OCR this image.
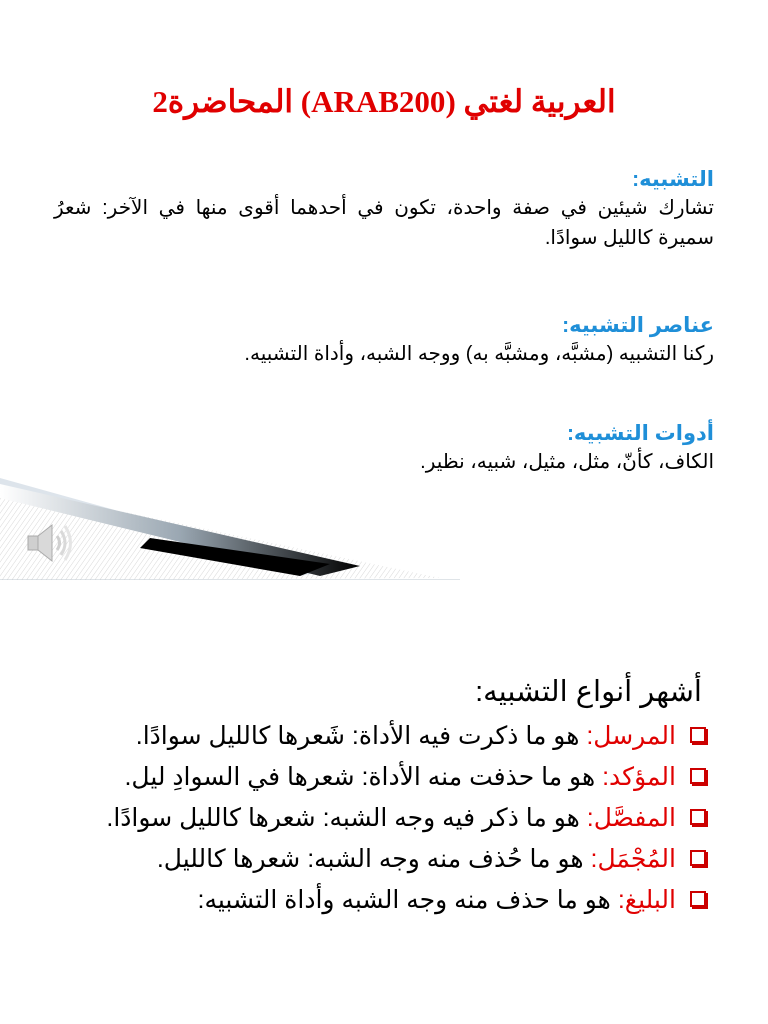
العربية لغتي (ARAB200) المحاضرة2
التشبيه:
تشارك شيئين في صفة واحدة، تكون في أحدهما أقوى منها في الآخر: شعرُ سميرة كالليل سوادًا.
عناصر التشبيه:
ركنا التشبيه (مشبَّه، ومشبَّه به) ووجه الشبه، وأداة التشبيه.
أدوات التشبيه:
الكاف، كأنّ، مثل، مثيل، شبيه، نظير.
أشهر أنواع التشبيه:
المرسل: هو ما ذكرت فيه الأداة: شَعرها كالليل سوادًا.
المؤكد: هو ما حذفت منه الأداة: شعرها في السوادِ ليل.
المفصَّل: هو ما ذكر فيه وجه الشبه: شعرها كالليل سوادًا.
المُجْمَل: هو ما حُذف منه وجه الشبه: شعرها كالليل.
البليغ: هو ما حذف منه وجه الشبه وأداة التشبيه:
